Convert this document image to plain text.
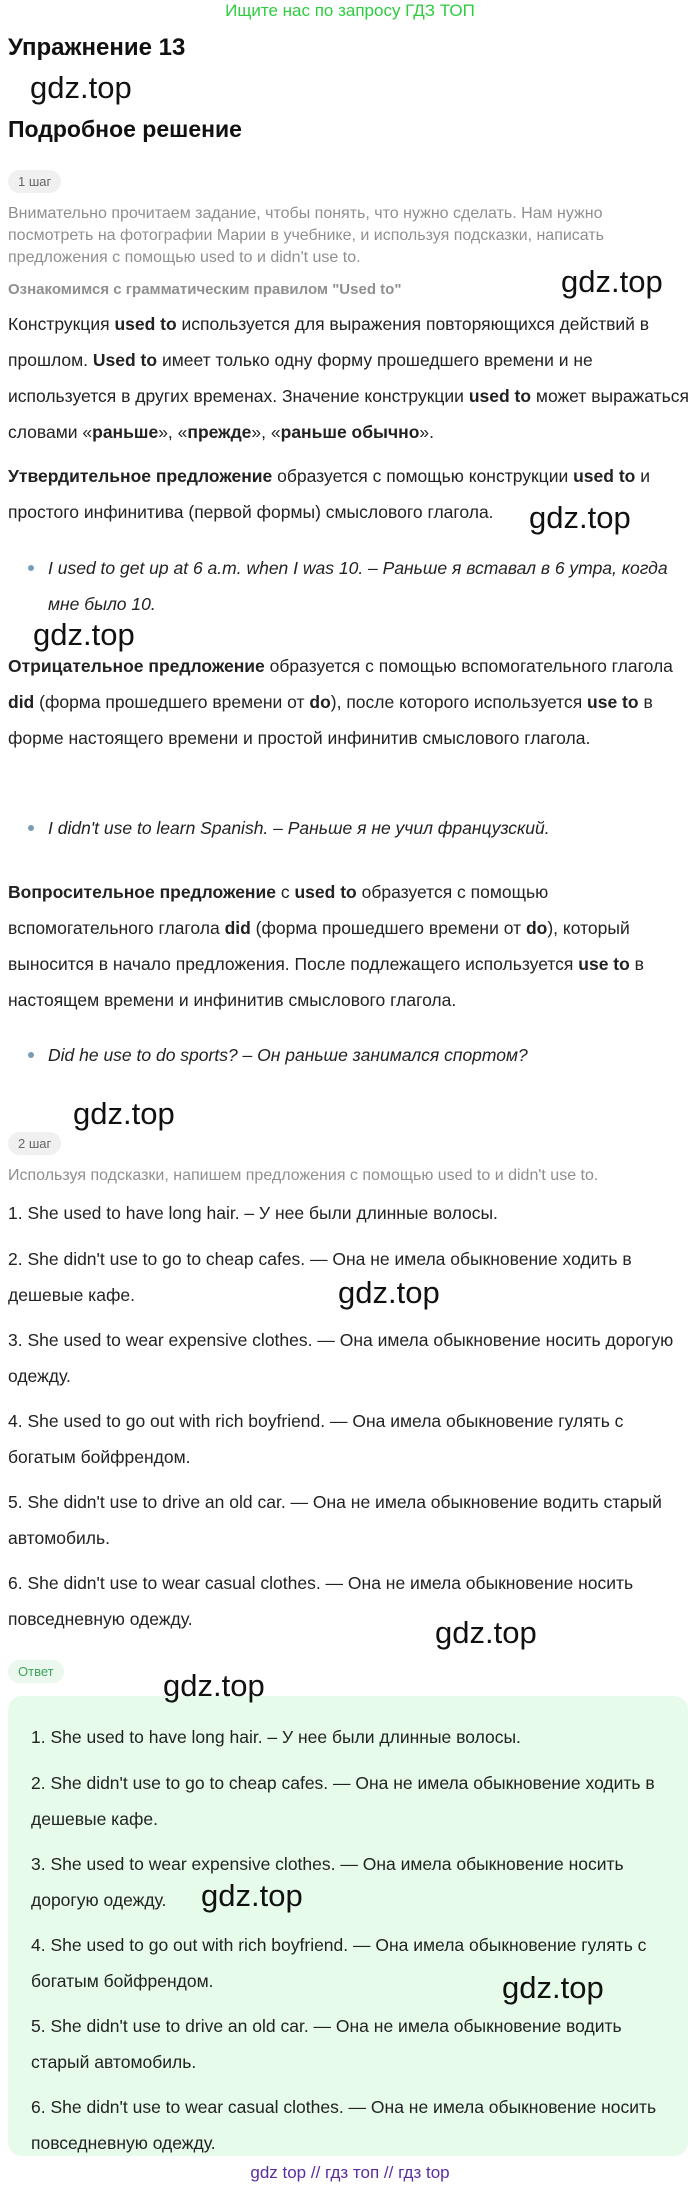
Ищите нас по запросу ГДЗ ТОП
Упражнение 13
gdz.top
Подробное решение
1 шаг
Внимательно прочитаем задание, чтобы понять, что нужно сделать. Нам нужно посмотреть на фотографии Марии в учебнике, и используя подсказки, написать предложения с помощью used to и didn't use to.
Ознакомимся с грамматическим правилом "Used to"	gdz.top
Конструкция used to используется для выражения повторяющихся действий в прошлом. Used to имеет только одну форму прошедшего времени и не используется в других временах. Значение конструкции used to может выражаться словами «раньше», «прежде», «раньше обычно».
Утвердительное предложение образуется с помощью конструкции used to и простого инфинитива (первой формы) смыслового глагола.	gdz.top
I used to get up at 6 a.m. when I was 10. – Раньше я вставал в 6 утра, когда мне было 10.
gdz.top
Отрицательное предложение образуется с помощью вспомогательного глагола did (форма прошедшего времени от do), после которого используется use to в форме настоящего времени и простой инфинитив смыслового глагола.
I didn't use to learn Spanish. – Раньше я не учил французский.
Вопросительное предложение с used to образуется с помощью вспомогательного глагола did (форма прошедшего времени от do), который выносится в начало предложения. После подлежащего используется use to в настоящем времени и инфинитив смыслового глагола.
Did he use to do sports? – Он раньше занимался спортом?
gdz.top
2 шаг
Используя подсказки, напишем предложения с помощью used to и didn't use to.
1. She used to have long hair. – У нее были длинные волосы.
2. She didn't use to go to cheap cafes. — Она не имела обыкновение ходить в дешевые кафе.	gdz.top
3. She used to wear expensive clothes. — Она имела обыкновение носить дорогую одежду.
4. She used to go out with rich boyfriend. — Она имела обыкновение гулять с богатым бойфрендом.
5. She didn't use to drive an old car. — Она не имела обыкновение водить старый автомобиль.
6. She didn't use to wear casual clothes. — Она не имела обыкновение носить повседневную одежду.	gdz.top
Ответ	gdz.top
1. She used to have long hair. – У нее были длинные волосы.
2. She didn't use to go to cheap cafes. — Она не имела обыкновение ходить в дешевые кафе.
3. She used to wear expensive clothes. — Она имела обыкновение носить дорогую одежду.	gdz.top
4. She used to go out with rich boyfriend. — Она имела обыкновение гулять с богатым бойфрендом.	gdz.top
5. She didn't use to drive an old car. — Она не имела обыкновение водить старый автомобиль.
6. She didn't use to wear casual clothes. — Она не имела обыкновение носить повседневную одежду.
gdz top // гдз топ // гдз top
